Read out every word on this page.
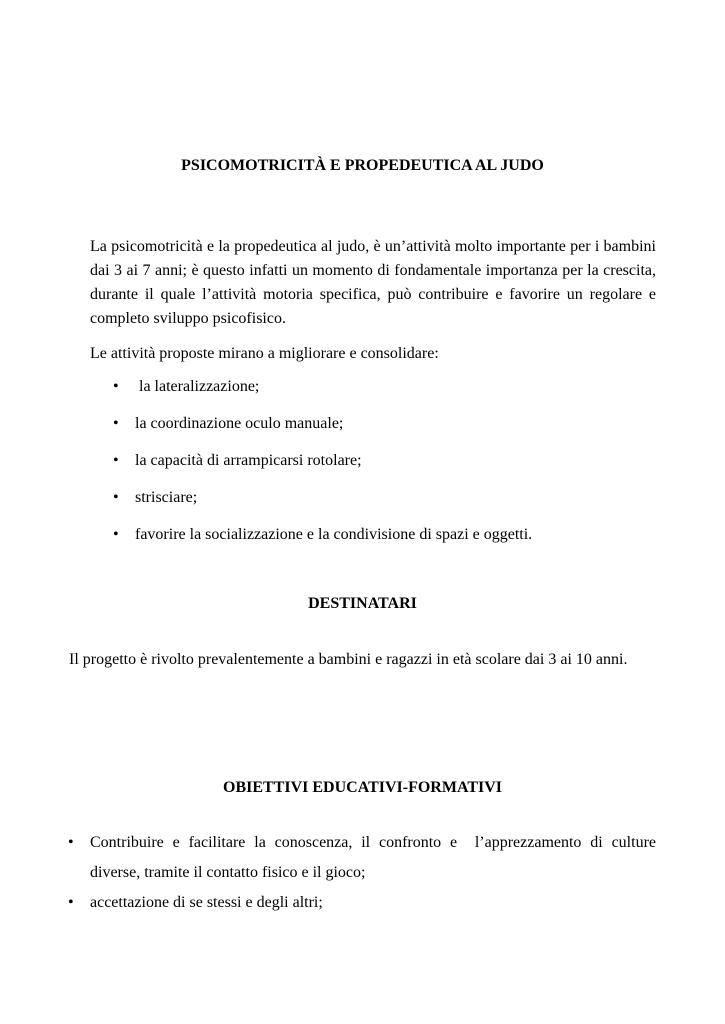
PSICOMOTRICITÀ E PROPEDEUTICA AL JUDO

La psicomotricità e la propedeutica al judo, è un’attività molto importante per i bambini dai 3 ai 7 anni; è questo infatti un momento di fondamentale importanza per la crescita, durante il quale l’attività motoria specifica, può contribuire e favorire un regolare e completo sviluppo psicofisico.

Le attività proposte mirano a migliorare e consolidare:

• la lateralizzazione;
• la coordinazione oculo manuale;
• la capacità di arrampicarsi rotolare;
• strisciare;
• favorire la socializzazione e la condivisione di spazi e oggetti.
DESTINATARI

Il progetto è rivolto prevalentemente a bambini e ragazzi in età scolare dai 3 ai 10 anni.

OBIETTIVI EDUCATIVI-FORMATIVI
• Contribuire e facilitare la conoscenza, il confronto e  l’apprezzamento di culture diverse, tramite il contatto fisico e il gioco;
• accettazione di se stessi e degli altri;
